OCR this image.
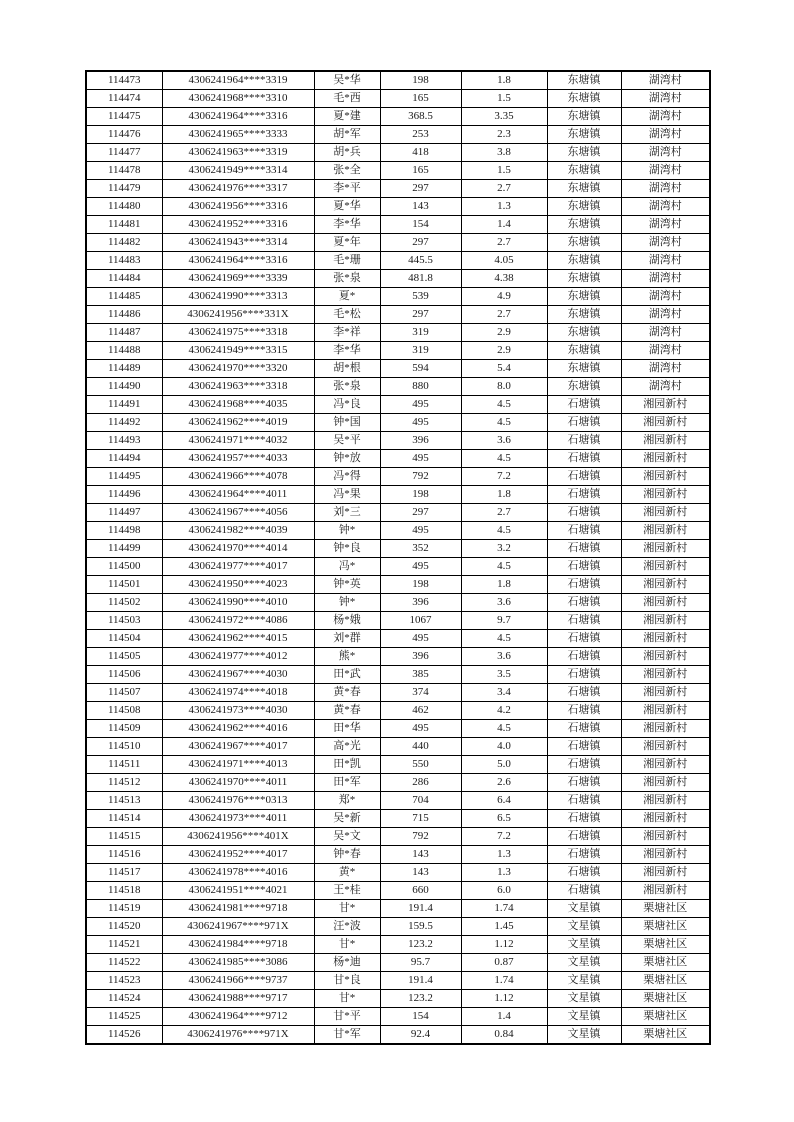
114473	4306241964****3319	吴*华	198	1.8	东塘镇	湖湾村
114474	4306241968****3310	毛*西	165	1.5	东塘镇	湖湾村
114475	4306241964****3316	夏*建	368.5	3.35	东塘镇	湖湾村
114476	4306241965****3333	胡*军	253	2.3	东塘镇	湖湾村
114477	4306241963****3319	胡*兵	418	3.8	东塘镇	湖湾村
114478	4306241949****3314	张*全	165	1.5	东塘镇	湖湾村
114479	4306241976****3317	李*平	297	2.7	东塘镇	湖湾村
114480	4306241956****3316	夏*华	143	1.3	东塘镇	湖湾村
114481	4306241952****3316	李*华	154	1.4	东塘镇	湖湾村
114482	4306241943****3314	夏*年	297	2.7	东塘镇	湖湾村
114483	4306241964****3316	毛*珊	445.5	4.05	东塘镇	湖湾村
114484	4306241969****3339	张*泉	481.8	4.38	东塘镇	湖湾村
114485	4306241990****3313	夏*	539	4.9	东塘镇	湖湾村
114486	4306241956****331X	毛*松	297	2.7	东塘镇	湖湾村
114487	4306241975****3318	李*祥	319	2.9	东塘镇	湖湾村
114488	4306241949****3315	李*华	319	2.9	东塘镇	湖湾村
114489	4306241970****3320	胡*根	594	5.4	东塘镇	湖湾村
114490	4306241963****3318	张*泉	880	8.0	东塘镇	湖湾村
114491	4306241968****4035	冯*良	495	4.5	石塘镇	湘园新村
114492	4306241962****4019	钟*国	495	4.5	石塘镇	湘园新村
114493	4306241971****4032	吴*平	396	3.6	石塘镇	湘园新村
114494	4306241957****4033	钟*放	495	4.5	石塘镇	湘园新村
114495	4306241966****4078	冯*得	792	7.2	石塘镇	湘园新村
114496	4306241964****4011	冯*果	198	1.8	石塘镇	湘园新村
114497	4306241967****4056	刘*三	297	2.7	石塘镇	湘园新村
114498	4306241982****4039	钟*	495	4.5	石塘镇	湘园新村
114499	4306241970****4014	钟*良	352	3.2	石塘镇	湘园新村
114500	4306241977****4017	冯*	495	4.5	石塘镇	湘园新村
114501	4306241950****4023	钟*英	198	1.8	石塘镇	湘园新村
114502	4306241990****4010	钟*	396	3.6	石塘镇	湘园新村
114503	4306241972****4086	杨*娥	1067	9.7	石塘镇	湘园新村
114504	4306241962****4015	刘*群	495	4.5	石塘镇	湘园新村
114505	4306241977****4012	熊*	396	3.6	石塘镇	湘园新村
114506	4306241967****4030	田*武	385	3.5	石塘镇	湘园新村
114507	4306241974****4018	黄*春	374	3.4	石塘镇	湘园新村
114508	4306241973****4030	黄*春	462	4.2	石塘镇	湘园新村
114509	4306241962****4016	田*华	495	4.5	石塘镇	湘园新村
114510	4306241967****4017	高*光	440	4.0	石塘镇	湘园新村
114511	4306241971****4013	田*凯	550	5.0	石塘镇	湘园新村
114512	4306241970****4011	田*军	286	2.6	石塘镇	湘园新村
114513	4306241976****0313	郑*	704	6.4	石塘镇	湘园新村
114514	4306241973****4011	吴*新	715	6.5	石塘镇	湘园新村
114515	4306241956****401X	吴*文	792	7.2	石塘镇	湘园新村
114516	4306241952****4017	钟*春	143	1.3	石塘镇	湘园新村
114517	4306241978****4016	黄*	143	1.3	石塘镇	湘园新村
114518	4306241951****4021	王*桂	660	6.0	石塘镇	湘园新村
114519	4306241981****9718	甘*	191.4	1.74	文星镇	栗塘社区
114520	4306241967****971X	汪*波	159.5	1.45	文星镇	栗塘社区
114521	4306241984****9718	甘*	123.2	1.12	文星镇	栗塘社区
114522	4306241985****3086	杨*迪	95.7	0.87	文星镇	栗塘社区
114523	4306241966****9737	甘*良	191.4	1.74	文星镇	栗塘社区
114524	4306241988****9717	甘*	123.2	1.12	文星镇	栗塘社区
114525	4306241964****9712	甘*平	154	1.4	文星镇	栗塘社区
114526	4306241976****971X	甘*军	92.4	0.84	文星镇	栗塘社区
